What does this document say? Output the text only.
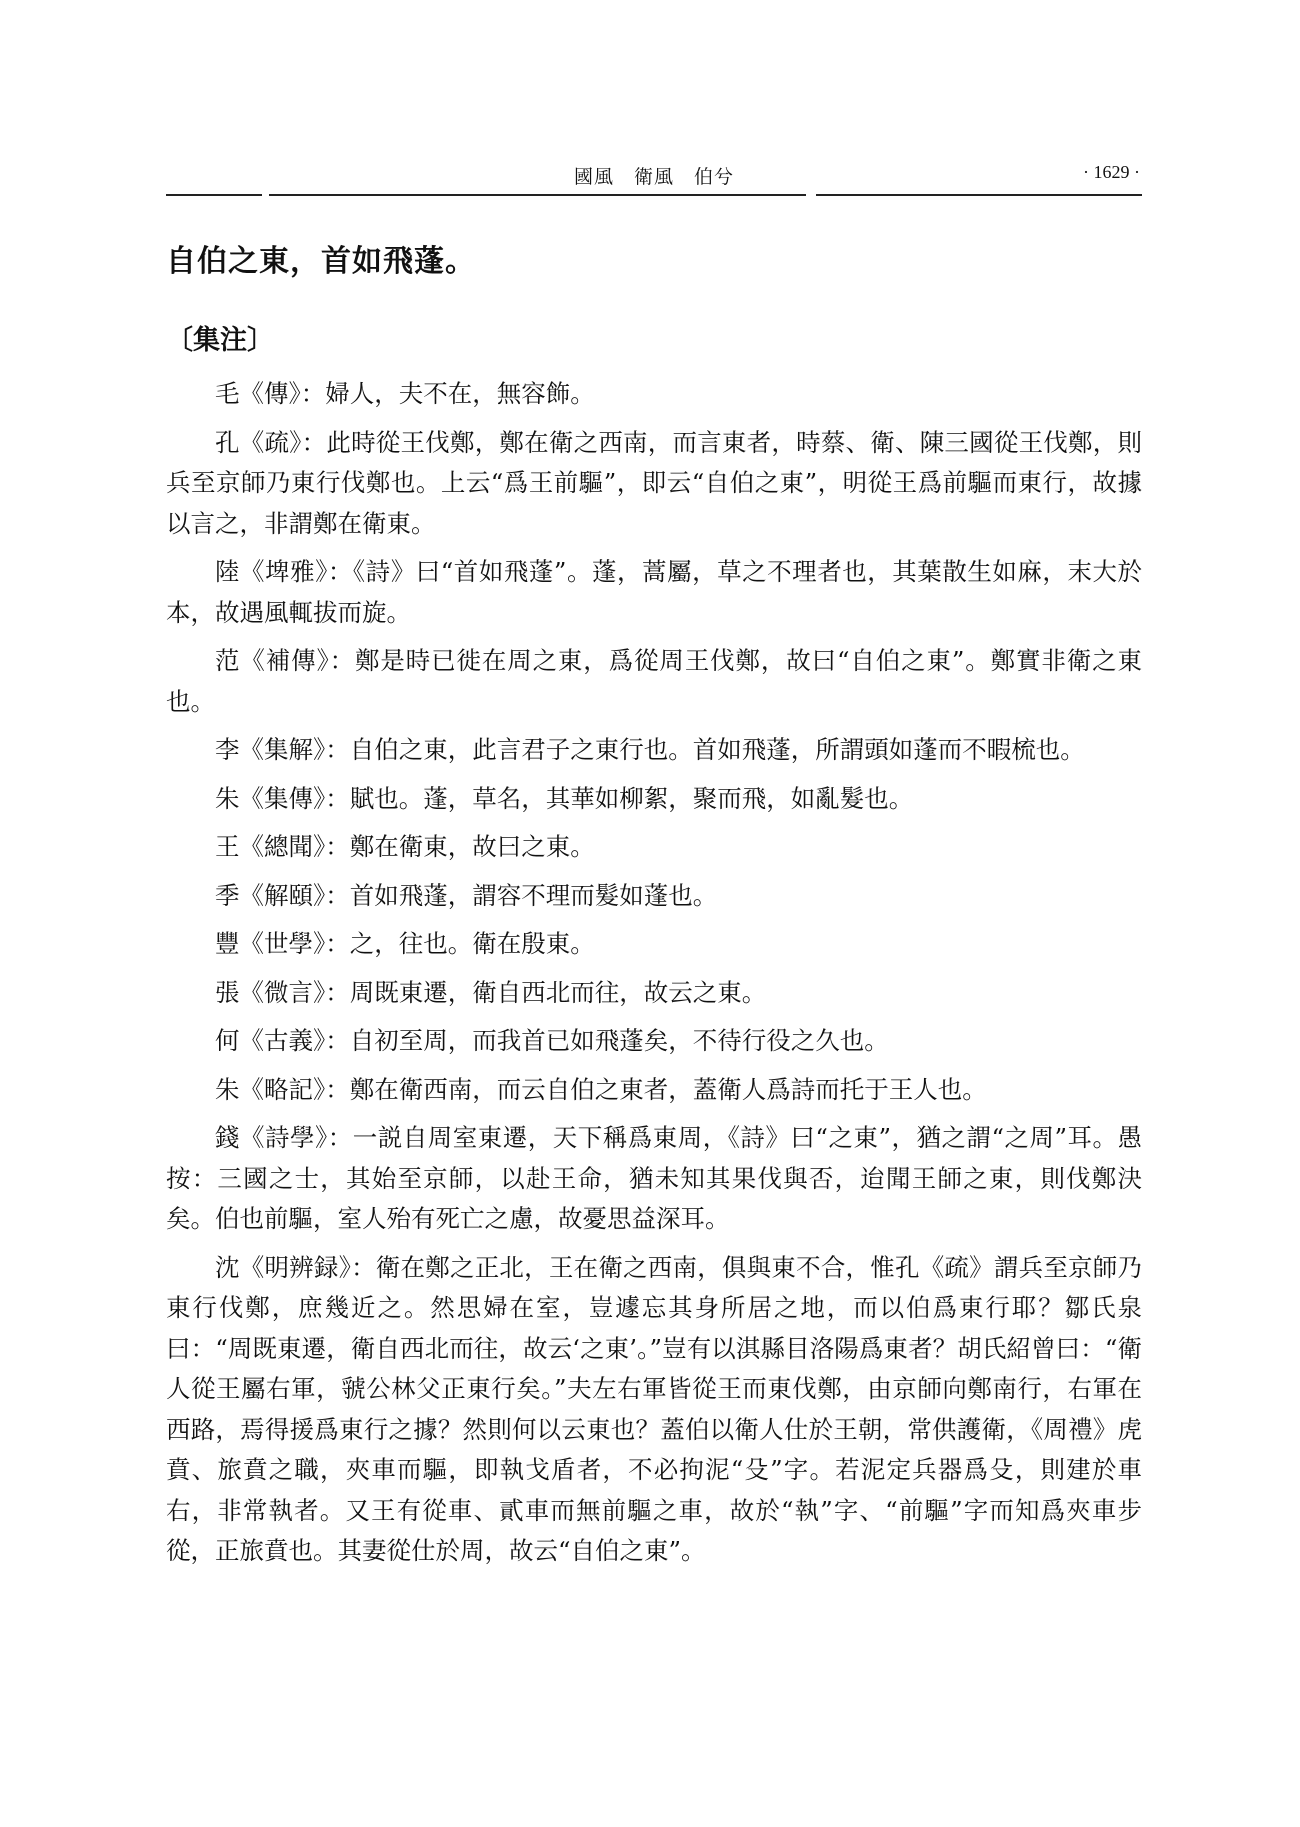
國風　衛風　伯兮	· 1629 ·
自伯之東，首如飛蓬。
〔集注〕

毛《傳》：婦人，夫不在，無容飾。

孔《疏》：此時從王伐鄭，鄭在衛之西南，而言東者，時蔡、衛、陳三國從王伐鄭，則兵至京師乃東行伐鄭也。上云“爲王前驅”，即云“自伯之東”，明從王爲前驅而東行，故據以言之，非謂鄭在衛東。

陸《埤雅》：《詩》曰“首如飛蓬”。蓬，蒿屬，草之不理者也，其葉散生如麻，末大於本，故遇風輒拔而旋。

范《補傳》：鄭是時已徙在周之東，爲從周王伐鄭，故曰“自伯之東”。鄭實非衛之東也。

李《集解》：自伯之東，此言君子之東行也。首如飛蓬，所謂頭如蓬而不暇梳也。

朱《集傳》：賦也。蓬，草名，其華如柳絮，聚而飛，如亂髮也。

王《總聞》：鄭在衛東，故曰之東。

季《解頤》：首如飛蓬，謂容不理而髮如蓬也。

豐《世學》：之，往也。衛在殷東。

張《微言》：周既東遷，衛自西北而往，故云之東。

何《古義》：自初至周，而我首已如飛蓬矣，不待行役之久也。

朱《略記》：鄭在衛西南，而云自伯之東者，蓋衛人爲詩而托于王人也。

錢《詩學》：一説自周室東遷，天下稱爲東周，《詩》曰“之東”，猶之謂“之周”耳。愚按：三國之士，其始至京師，以赴王命，猶未知其果伐與否，迨聞王師之東，則伐鄭決矣。伯也前驅，室人殆有死亡之慮，故憂思益深耳。

沈《明辨録》：衛在鄭之正北，王在衛之西南，俱與東不合，惟孔《疏》謂兵至京師乃東行伐鄭，庶幾近之。然思婦在室，豈遽忘其身所居之地，而以伯爲東行耶？鄒氏泉曰：“周既東遷，衛自西北而往，故云‘之東’。”豈有以淇縣目洛陽爲東者？胡氏紹曾曰：“衛人從王屬右軍，虢公林父正東行矣。”夫左右軍皆從王而東伐鄭，由京師向鄭南行，右軍在西路，焉得援爲東行之據？然則何以云東也？蓋伯以衛人仕於王朝，常供護衛，《周禮》虎賁、旅賁之職，夾車而驅，即執戈盾者，不必拘泥“殳”字。若泥定兵器爲殳，則建於車右，非常執者。又王有從車、貳車而無前驅之車，故於“執”字、“前驅”字而知爲夾車步從，正旅賁也。其妻從仕於周，故云“自伯之東”。
